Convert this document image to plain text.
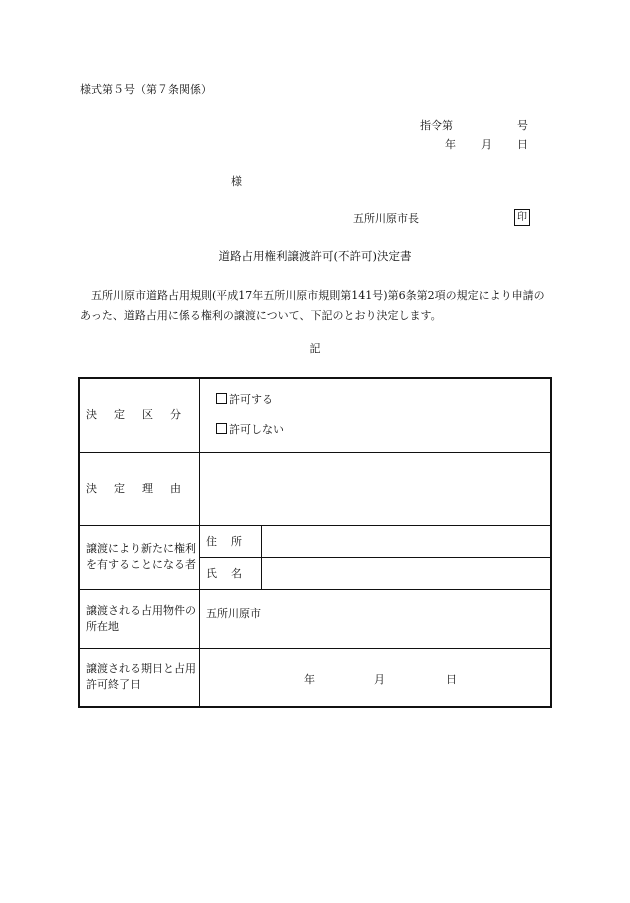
様式第５号（第７条関係）
指令第	号
年 月 日
様
五所川原市長	印
道路占用権利譲渡許可(不許可)決定書
五所川原市道路占用規則(平成17年五所川原市規則第141号)第6条第2項の規定により申請のあった、道路占用に係る権利の譲渡について、下記のとおり決定します。
記
決定区分	許可する
許可しない	

決定理由		
譲渡により新たに権利を有することになる者	住所	
	氏名	
譲渡される占用物件の所在地	五所川原市	
譲渡される期日と占用許可終了日	年 月 日	
